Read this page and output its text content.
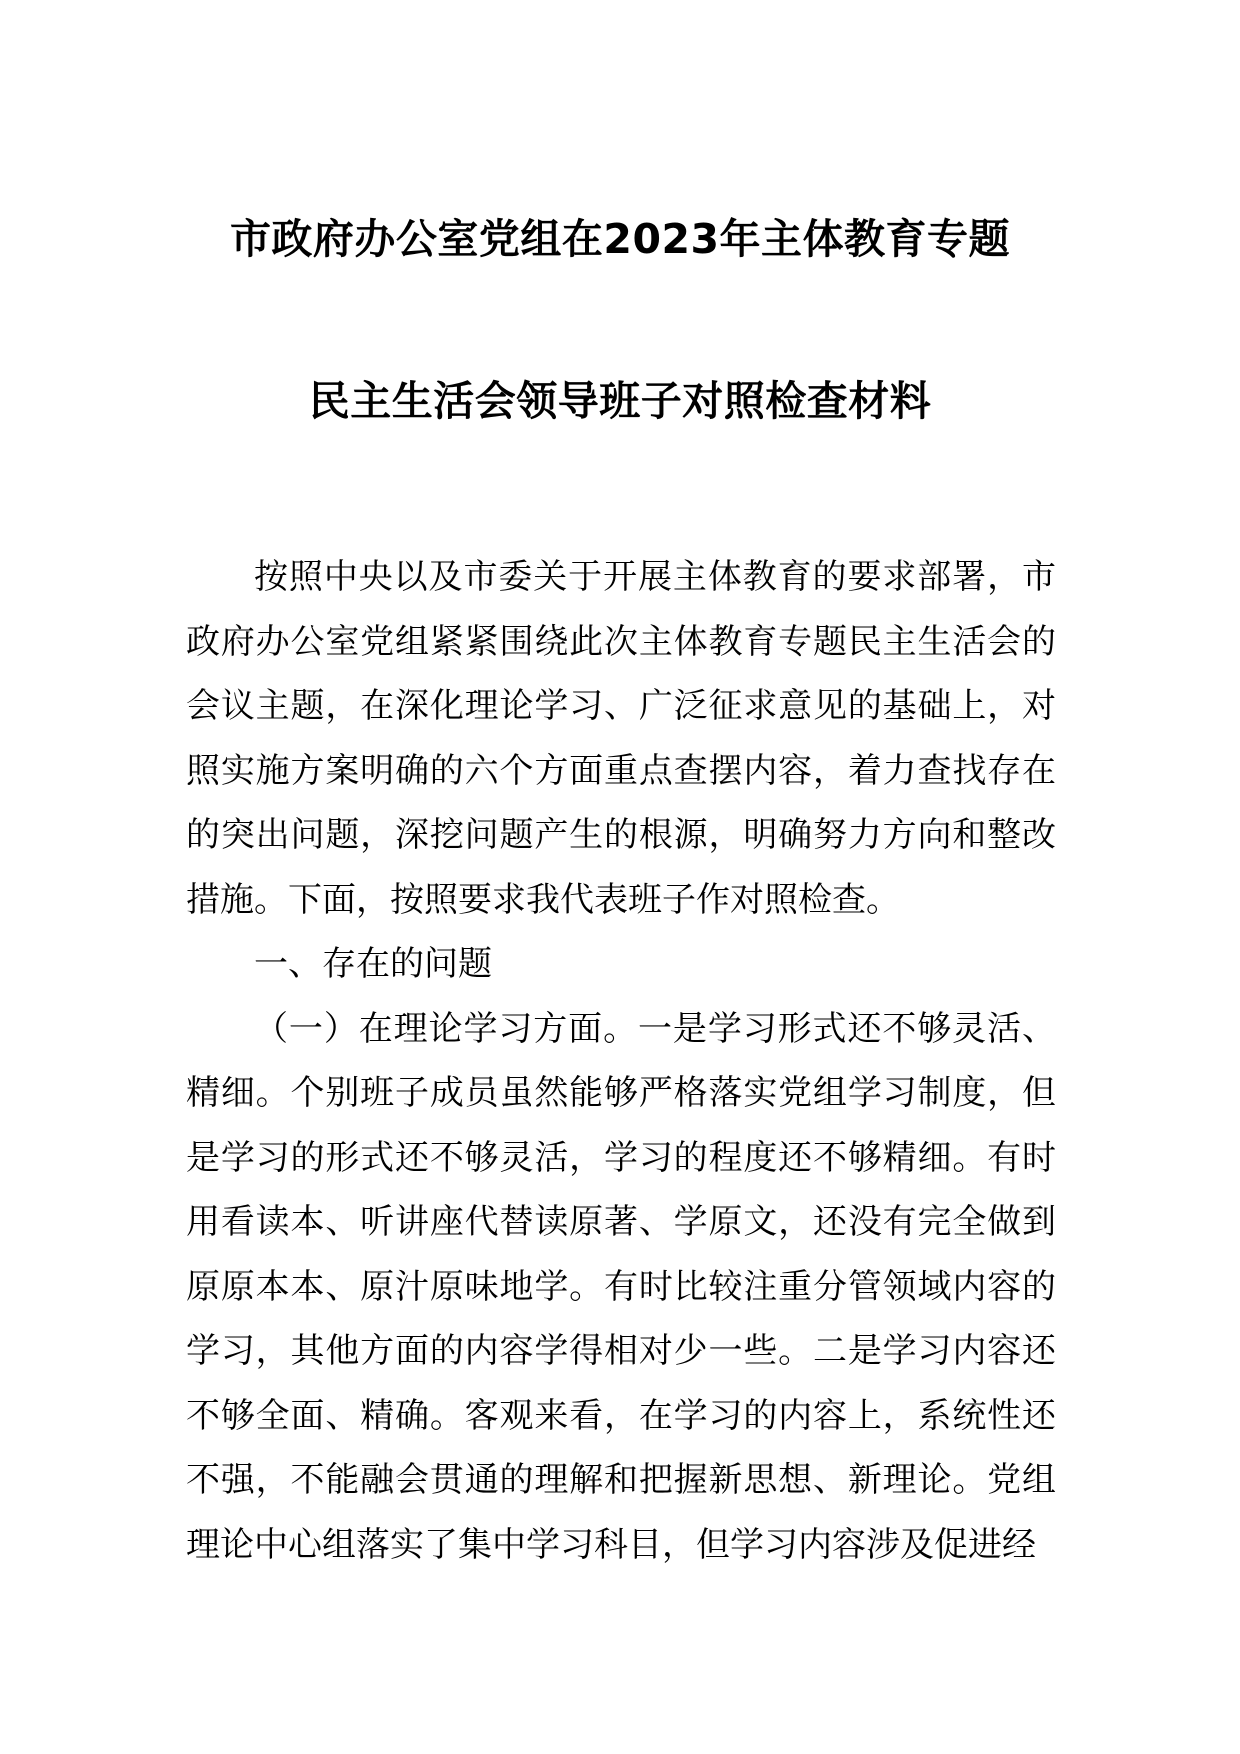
市政府办公室党组在2023年主体教育专题
民主生活会领导班子对照检查材料

按照中央以及市委关于开展主体教育的要求部署，市政府办公室党组紧紧围绕此次主体教育专题民主生活会的会议主题，在深化理论学习、广泛征求意见的基础上，对照实施方案明确的六个方面重点查摆内容，着力查找存在的突出问题，深挖问题产生的根源，明确努力方向和整改措施。下面，按照要求我代表班子作对照检查。

一、存在的问题

（一）在理论学习方面。一是学习形式还不够灵活、精细。个别班子成员虽然能够严格落实党组学习制度，但是学习的形式还不够灵活，学习的程度还不够精细。有时用看读本、听讲座代替读原著、学原文，还没有完全做到原原本本、原汁原味地学。有时比较注重分管领域内容的学习，其他方面的内容学得相对少一些。二是学习内容还不够全面、精确。客观来看，在学习的内容上，系统性还不强，不能融会贯通的理解和把握新思想、新理论。党组理论中心组落实了集中学习科目，但学习内容涉及促进经
